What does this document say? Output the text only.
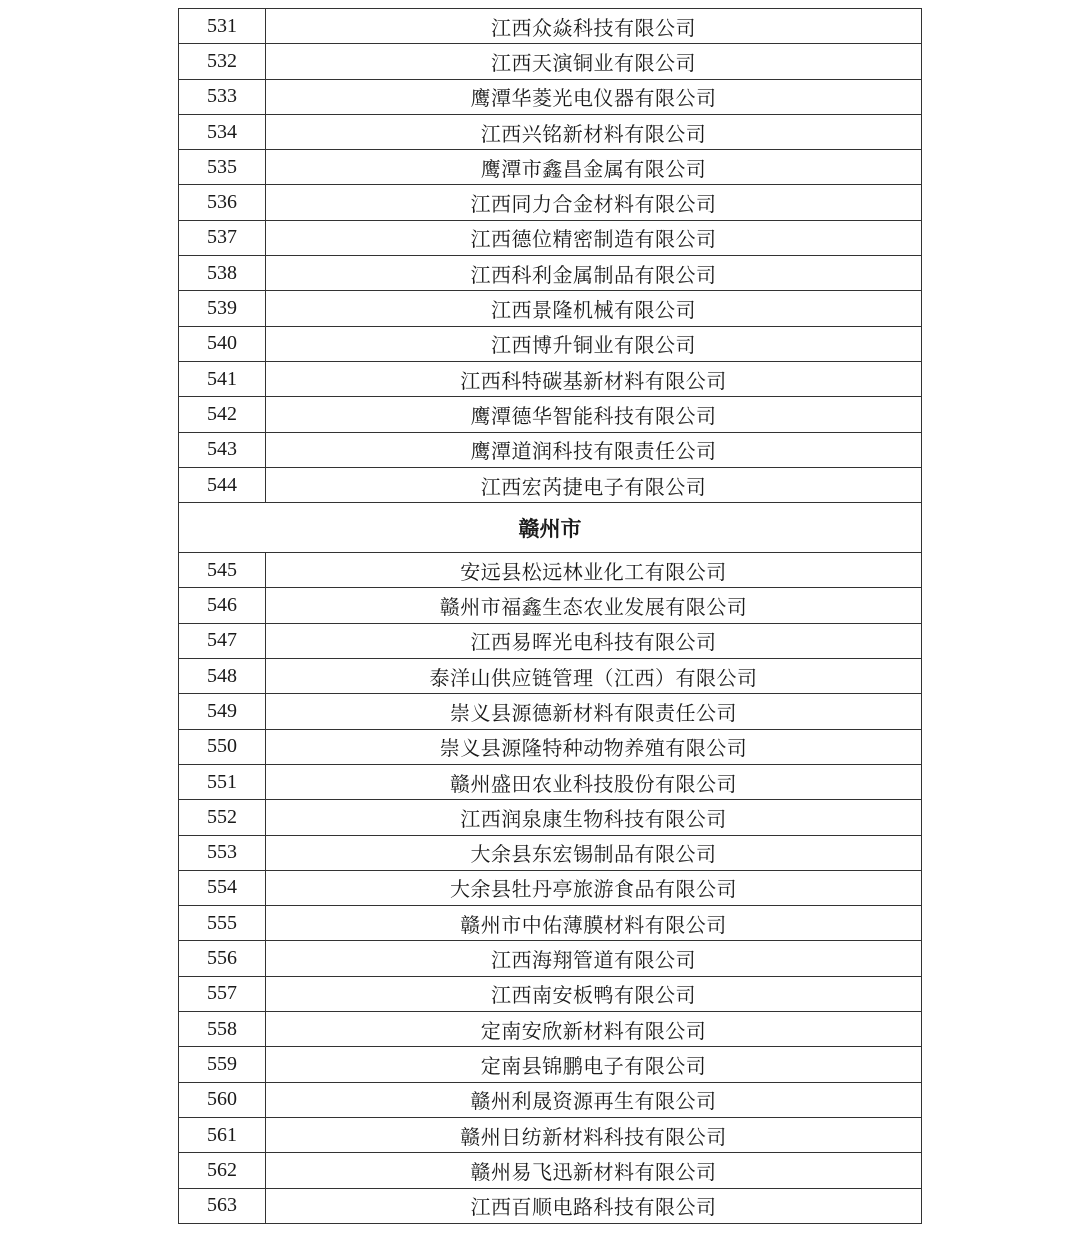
531	江西众焱科技有限公司
532	江西天演铜业有限公司
533	鹰潭华菱光电仪器有限公司
534	江西兴铭新材料有限公司
535	鹰潭市鑫昌金属有限公司
536	江西同力合金材料有限公司
537	江西德位精密制造有限公司
538	江西科利金属制品有限公司
539	江西景隆机械有限公司
540	江西博升铜业有限公司
541	江西科特碳基新材料有限公司
542	鹰潭德华智能科技有限公司
543	鹰潭道润科技有限责任公司
544	江西宏芮捷电子有限公司
赣州市	
545	安远县松远林业化工有限公司
546	赣州市福鑫生态农业发展有限公司
547	江西易晖光电科技有限公司
548	泰洋山供应链管理（江西）有限公司
549	崇义县源德新材料有限责任公司
550	崇义县源隆特种动物养殖有限公司
551	赣州盛田农业科技股份有限公司
552	江西润泉康生物科技有限公司
553	大余县东宏锡制品有限公司
554	大余县牡丹亭旅游食品有限公司
555	赣州市中佑薄膜材料有限公司
556	江西海翔管道有限公司
557	江西南安板鸭有限公司
558	定南安欣新材料有限公司
559	定南县锦鹏电子有限公司
560	赣州利晟资源再生有限公司
561	赣州日纺新材料科技有限公司
562	赣州易飞迅新材料有限公司
563	江西百顺电路科技有限公司
